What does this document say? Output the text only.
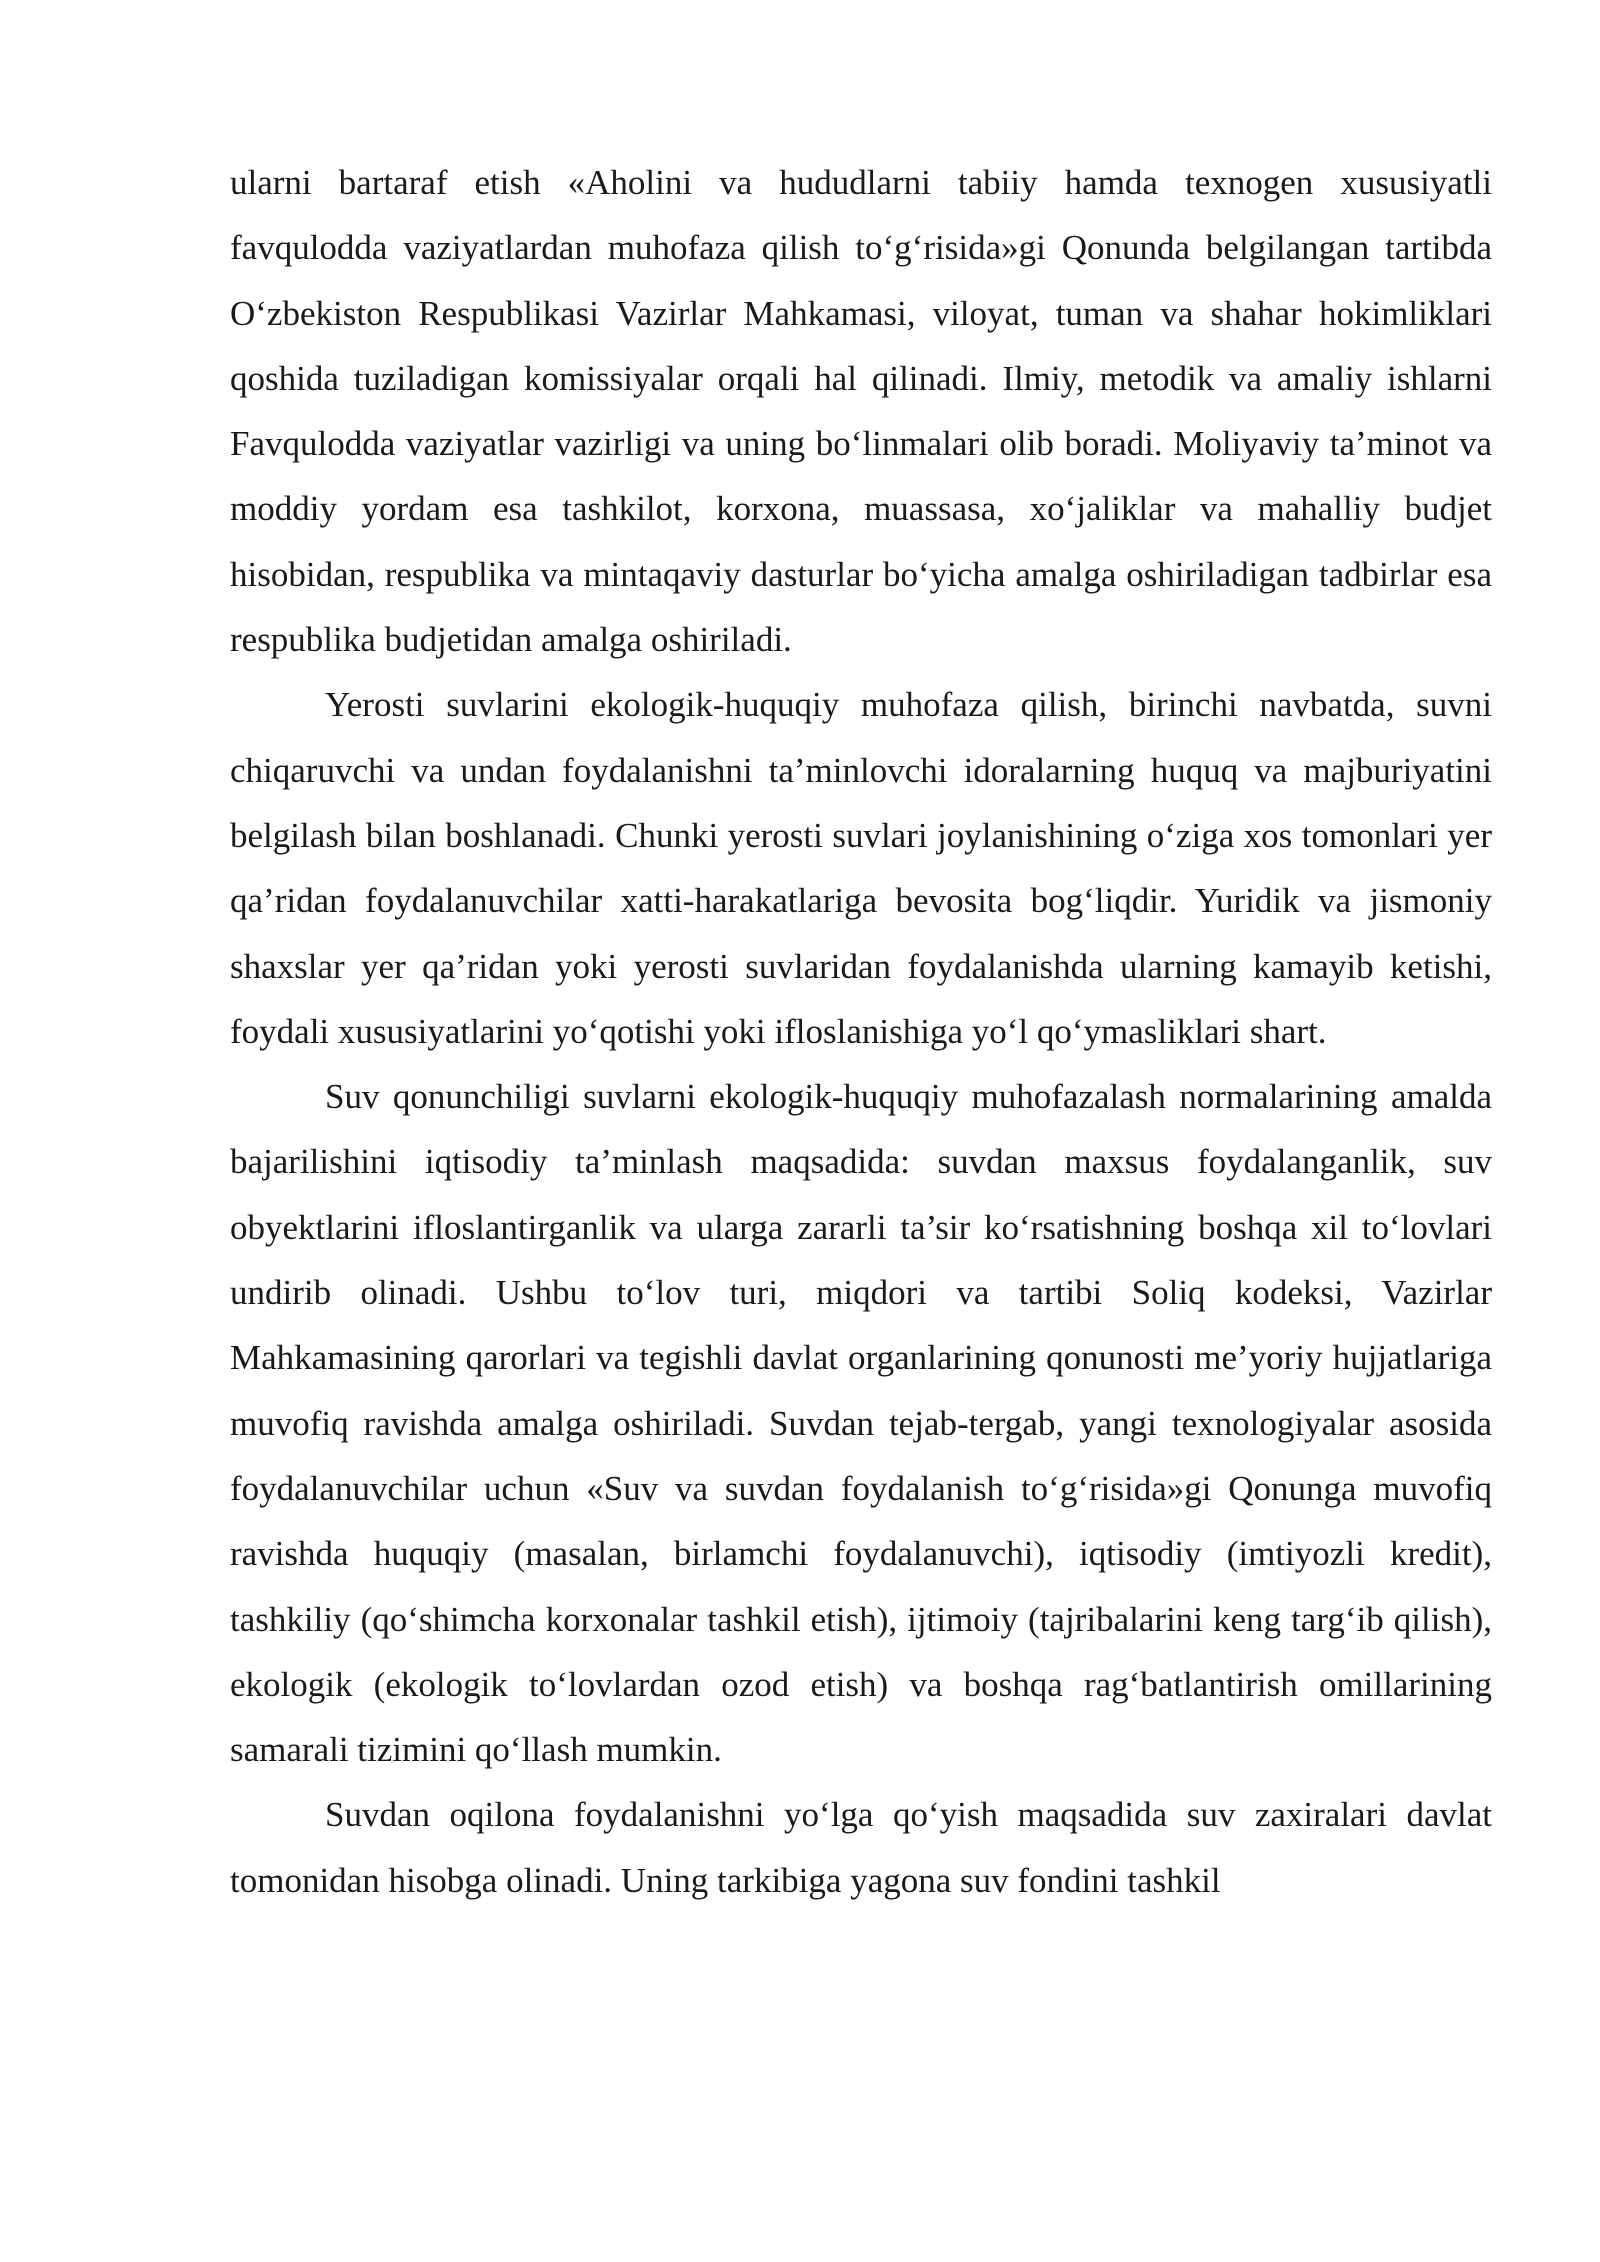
ularni bartaraf etish «Aholini va hududlarni tabiiy hamda texnogen xususiyatli favqulodda vaziyatlardan muhofaza qilish to‘g‘risida»gi Qonunda belgilangan tartibda O‘zbekiston Respublikasi Vazirlar Mahkamasi, viloyat, tuman va shahar hokimliklari qoshida tuziladigan komissiyalar orqali hal qilinadi. Ilmiy, metodik va amaliy ishlarni Favqulodda vaziyatlar vazirligi va uning bo‘linmalari olib boradi. Moliyaviy ta’minot va moddiy yordam esa tashkilot, korxona, muassasa, xo‘jaliklar va mahalliy budjet hisobidan, respublika va mintaqaviy dasturlar bo‘yicha amalga oshiriladigan tadbirlar esa respublika budjetidan amalga oshiriladi.

Yerosti suvlarini ekologik-huquqiy muhofaza qilish, birinchi navbatda, suvni chiqaruvchi va undan foydalanishni ta’minlovchi idoralarning huquq va majburiyatini belgilash bilan boshlanadi. Chunki yerosti suvlari joylanishining o‘ziga xos tomonlari yer qa’ridan foydalanuvchilar xatti-harakatlariga bevosita bog‘liqdir. Yuridik va jismoniy shaxslar yer qa’ridan yoki yerosti suvlaridan foydalanishda ularning kamayib ketishi, foydali xususiyatlarini yo‘qotishi yoki ifloslanishiga yo‘l qo‘ymasliklari shart.

Suv qonunchiligi suvlarni ekologik-huquqiy muhofazalash normalarining amalda bajarilishini iqtisodiy ta’minlash maqsadida: suvdan maxsus foydalanganlik, suv obyektlarini ifloslantirganlik va ularga zararli ta’sir ko‘rsatishning boshqa xil to‘lovlari undirib olinadi. Ushbu to‘lov turi, miqdori va tartibi Soliq kodeksi, Vazirlar Mahkamasining qarorlari va tegishli davlat organlarining qonunosti me’yoriy hujjatlariga muvofiq ravishda amalga oshiriladi. Suvdan tejab-tergab, yangi texnologiyalar asosida foydalanuvchilar uchun «Suv va suvdan foydalanish to‘g‘risida»gi Qonunga muvofiq ravishda huquqiy (masalan, birlamchi foydalanuvchi), iqtisodiy (imtiyozli kredit), tashkiliy (qo‘shimcha korxonalar tashkil etish), ijtimoiy (tajribalarini keng targ‘ib qilish), ekologik (ekologik to‘lovlardan ozod etish) va boshqa rag‘batlantirish omillarining samarali tizimini qo‘llash mumkin.

Suvdan oqilona foydalanishni yo‘lga qo‘yish maqsadida suv zaxiralari davlat tomonidan hisobga olinadi. Uning tarkibiga yagona suv fondini tashkil
